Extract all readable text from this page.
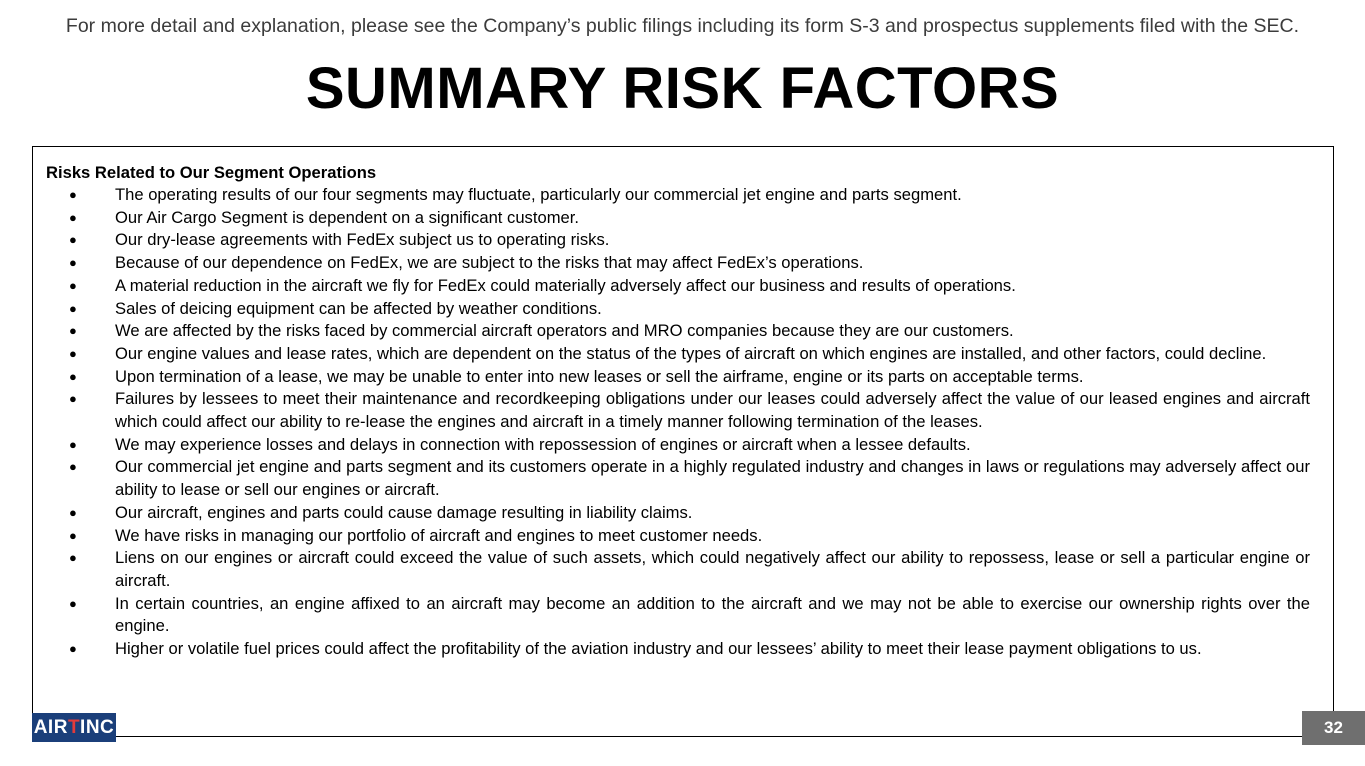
For more detail and explanation, please see the Company’s public filings including its form S-3 and prospectus supplements filed with the SEC.
SUMMARY RISK FACTORS
Risks Related to Our Segment Operations
● The operating results of our four segments may fluctuate, particularly our commercial jet engine and parts segment.
● Our Air Cargo Segment is dependent on a significant customer.
● Our dry-lease agreements with FedEx subject us to operating risks.
● Because of our dependence on FedEx, we are subject to the risks that may affect FedEx’s operations.
● A material reduction in the aircraft we fly for FedEx could materially adversely affect our business and results of operations.
● Sales of deicing equipment can be affected by weather conditions.
● We are affected by the risks faced by commercial aircraft operators and MRO companies because they are our customers.
● Our engine values and lease rates, which are dependent on the status of the types of aircraft on which engines are installed, and other factors, could decline.
● Upon termination of a lease, we may be unable to enter into new leases or sell the airframe, engine or its parts on acceptable terms.
● Failures by lessees to meet their maintenance and recordkeeping obligations under our leases could adversely affect the value of our leased engines and aircraft which could affect our ability to re-lease the engines and aircraft in a timely manner following termination of the leases.
● We may experience losses and delays in connection with repossession of engines or aircraft when a lessee defaults.
● Our commercial jet engine and parts segment and its customers operate in a highly regulated industry and changes in laws or regulations may adversely affect our ability to lease or sell our engines or aircraft.
● Our aircraft, engines and parts could cause damage resulting in liability claims.
● We have risks in managing our portfolio of aircraft and engines to meet customer needs.
● Liens on our engines or aircraft could exceed the value of such assets, which could negatively affect our ability to repossess, lease or sell a particular engine or aircraft.
● In certain countries, an engine affixed to an aircraft may become an addition to the aircraft and we may not be able to exercise our ownership rights over the engine.
● Higher or volatile fuel prices could affect the profitability of the aviation industry and our lessees’ ability to meet their lease payment obligations to us.
AIRTINC	32
